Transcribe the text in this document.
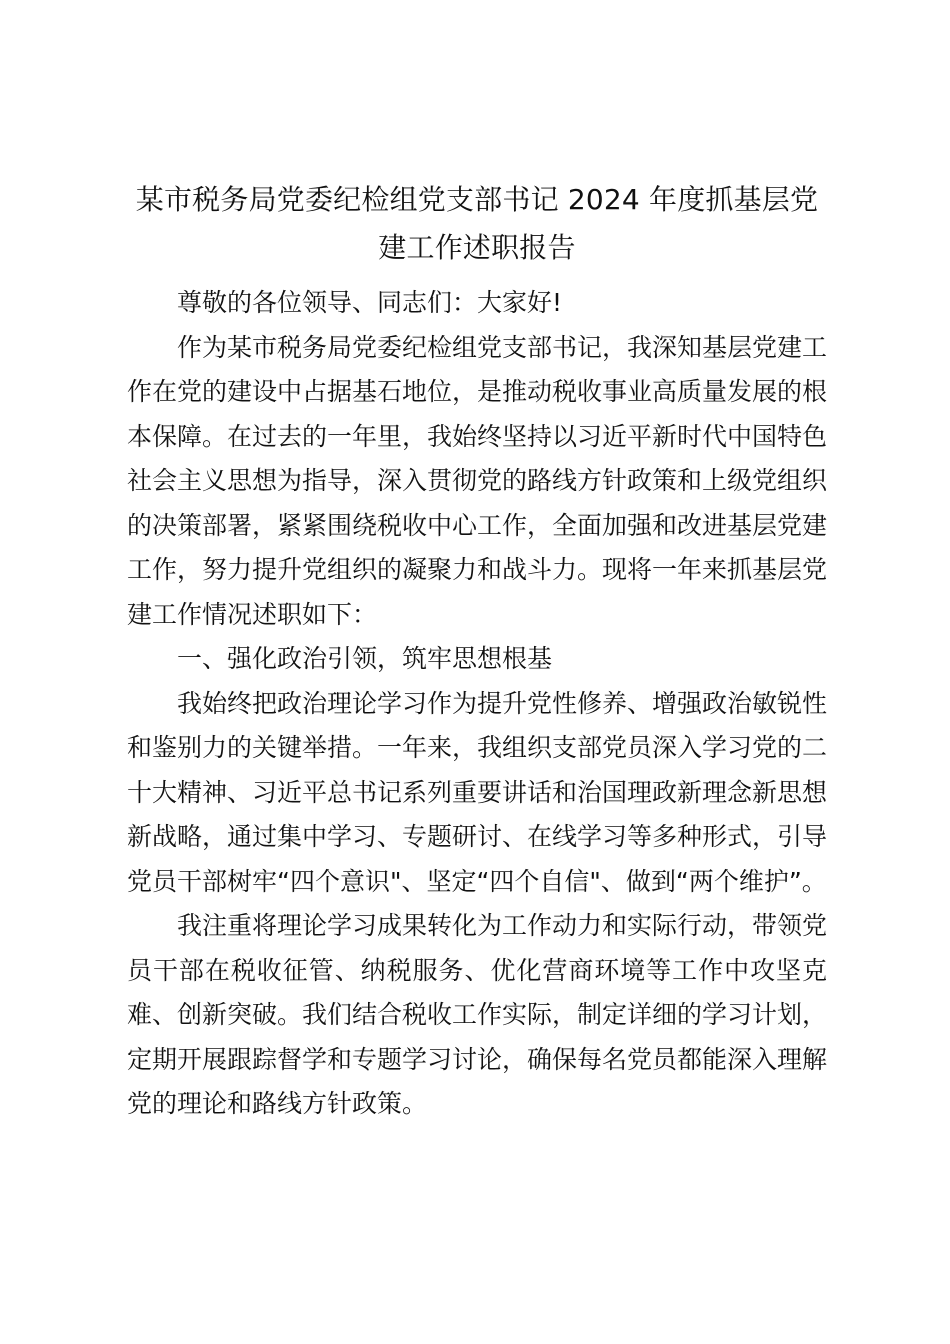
某市税务局党委纪检组党支部书记 2024 年度抓基层党建工作述职报告

尊敬的各位领导、同志们：大家好!

作为某市税务局党委纪检组党支部书记，我深知基层党建工作在党的建设中占据基石地位，是推动税收事业高质量发展的根本保障。在过去的一年里，我始终坚持以习近平新时代中国特色社会主义思想为指导，深入贯彻党的路线方针政策和上级党组织的决策部署，紧紧围绕税收中心工作，全面加强和改进基层党建工作，努力提升党组织的凝聚力和战斗力。现将一年来抓基层党建工作情况述职如下：

一、强化政治引领，筑牢思想根基

我始终把政治理论学习作为提升党性修养、增强政治敏锐性和鉴别力的关键举措。一年来，我组织支部党员深入学习党的二十大精神、习近平总书记系列重要讲话和治国理政新理念新思想新战略，通过集中学习、专题研讨、在线学习等多种形式，引导党员干部树牢“四个意识"、坚定“四个自信"、做到“两个维护”。

我注重将理论学习成果转化为工作动力和实际行动，带领党员干部在税收征管、纳税服务、优化营商环境等工作中攻坚克难、创新突破。我们结合税收工作实际，制定详细的学习计划，定期开展跟踪督学和专题学习讨论，确保每名党员都能深入理解党的理论和路线方针政策。
